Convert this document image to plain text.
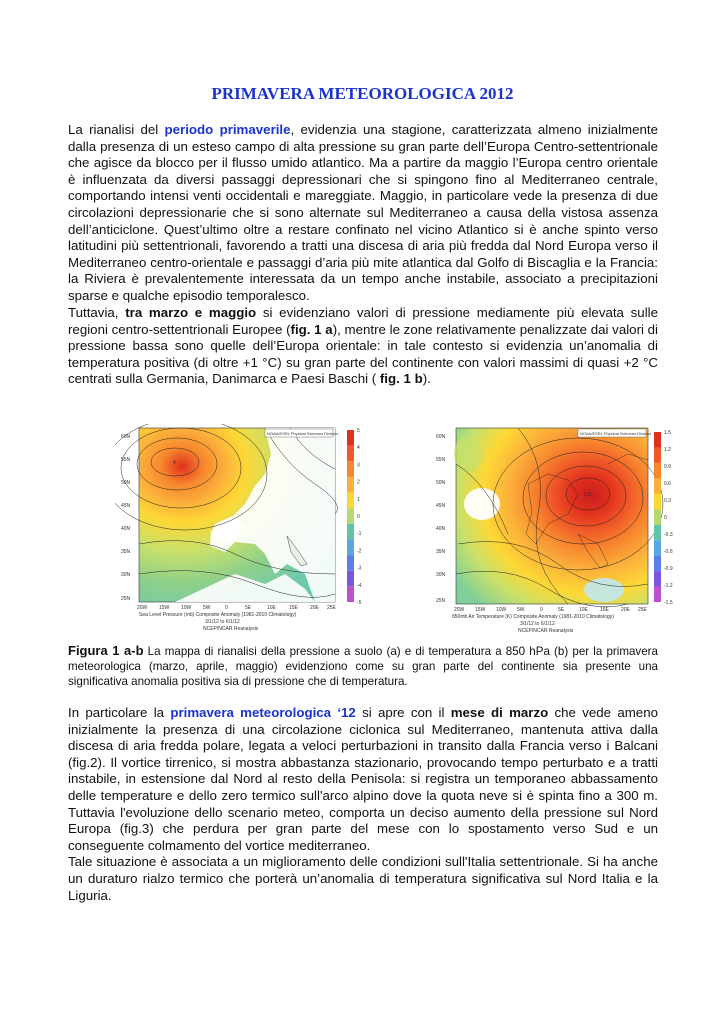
PRIMAVERA METEOROLOGICA 2012

La rianalisi del periodo primaverile, evidenzia una stagione, caratterizzata almeno inizialmente dalla presenza di un esteso campo di alta pressione su gran parte dell’Europa Centro-settentrionale che agisce da blocco per il flusso umido atlantico. Ma a partire da maggio l’Europa centro orientale è influenzata da diversi passaggi depressionari che si spingono fino al Mediterraneo centrale, comportando intensi venti occidentali e mareggiate. Maggio, in particolare vede la presenza di due circolazioni depressionarie che si sono alternate sul Mediterraneo a causa della vistosa assenza dell’anticiclone. Quest’ultimo oltre a restare confinato nel vicino Atlantico si è anche spinto verso latitudini più settentrionali, favorendo a tratti una discesa di aria più fredda dal Nord Europa verso il Mediterraneo centro-orientale e passaggi d’aria più mite atlantica dal Golfo di Biscaglia e la Francia: la Riviera è prevalentemente interessata da un tempo anche instabile, associato a precipitazioni sparse e qualche episodio temporalesco.

Tuttavia, tra marzo e maggio si evidenziano valori di pressione mediamente più elevata sulle regioni centro-settentrionali Europee (fig. 1 a), mentre le zone relativamente penalizzate dai valori di pressione bassa sono quelle dell’Europa orientale: in tale contesto si evidenzia un’anomalia di temperatura positiva (di oltre +1 °C) su gran parte del continente con valori massimi di quasi +2 °C centrati sulla Germania, Danimarca e Paesi Baschi ( fig. 1 b).

4
60N
55N
50N
45N
40N
35N
30N
25N
20W 15W 10W 5W	0	5E	10E	15E 20E 25E
NOAA/ESRL Physical Sciences Division
Sea Level Pressure (mb) Composite Anomaly (1981-2010 Climatology)
3/1/12 to 6/1/12
NCEP/NCAR Reanalysis
5
4
3
2
1
0
-1
-2
-3
-4
-5
1.5
60N
55N
50N
45N
40N
35N
30N
25N
20W 15W 10W 5W	0	5E	10E 15E 20E 25E
NOAA/ESRL Physical Sciences Division
850mb Air Temperature (K) Composite Anomaly (1981-2010 Climatology)
3/1/12 to 6/1/12
NCEP/NCAR Reanalysis
1.5
1.2
0.9
0.6
0.3
0
-0.3
-0.6
-0.9
-1.2
-1.5

Figura 1 a-b La mappa di rianalisi della pressione a suolo (a) e di temperatura a 850 hPa (b) per la primavera meteorologica (marzo, aprile, maggio) evidenziono come su gran parte del continente sia presente una significativa anomalia positiva sia di pressione che di temperatura.

In particolare la primavera meteorologica ‘12 si apre con il mese di marzo che vede ameno inizialmente la presenza di una circolazione ciclonica sul Mediterraneo, mantenuta attiva dalla discesa di aria fredda polare, legata a veloci perturbazioni in transito dalla Francia verso i Balcani (fig.2). Il vortice tirrenico, si mostra abbastanza stazionario, provocando tempo perturbato e a tratti instabile, in estensione dal Nord al resto della Penisola: si registra un temporaneo abbassamento delle temperature e dello zero termico sull'arco alpino dove la quota neve si è spinta fino a 300 m. Tuttavia l'evoluzione dello scenario meteo, comporta un deciso aumento della pressione sul Nord Europa (fig.3) che perdura per gran parte del mese con lo spostamento verso Sud e un conseguente colmamento del vortice mediterraneo.
Tale situazione è associata a un miglioramento delle condizioni sull'Italia settentrionale. Si ha anche un duraturo rialzo termico che porterà un’anomalia di temperatura significativa sul Nord Italia e la Liguria.
